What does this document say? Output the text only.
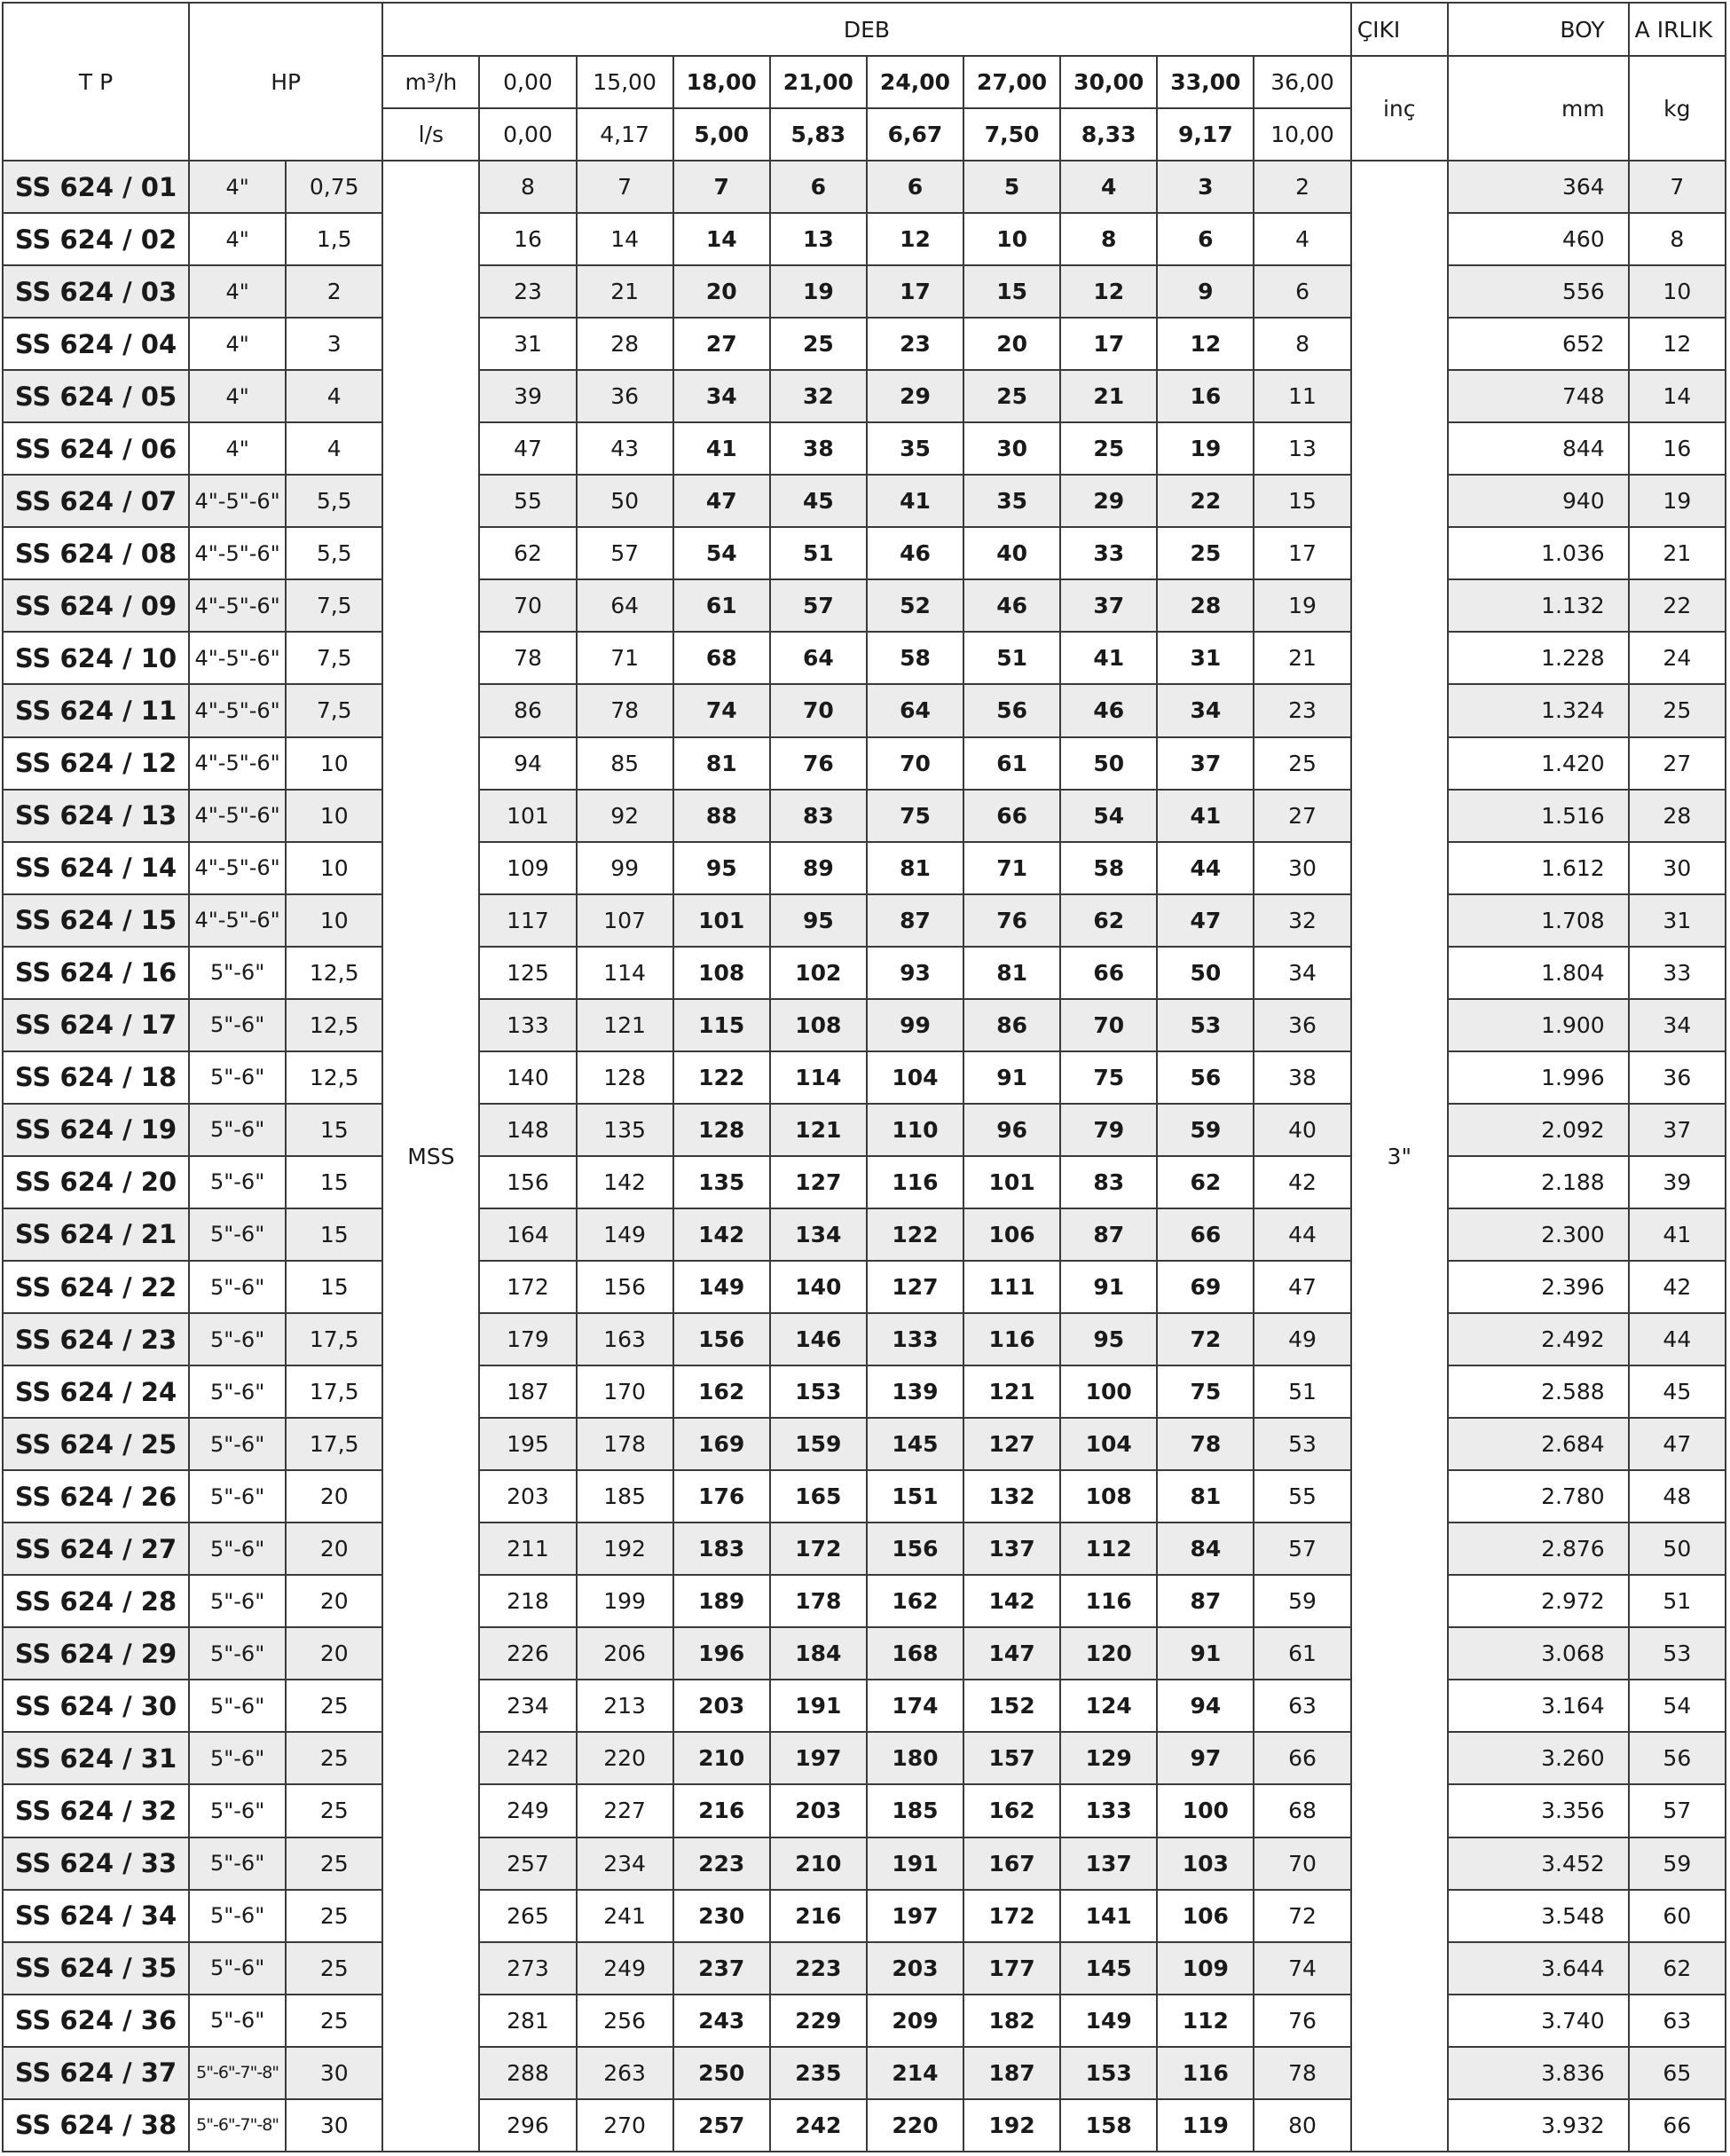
T P	HP		DEB										ÇIKI	BOY	A IRLIK
			m³/h	0,00	15,00	18,00	21,00	24,00	27,00	30,00	33,00	36,00	inç	mm	kg
			l/s	0,00	4,17	5,00	5,83	6,67	7,50	8,33	9,17	10,00			
SS 624 / 01	4"	0,75	MSS	8	7	7	6	6	5	4	3	2	3"	364	7
SS 624 / 02	4"	1,5		16	14	14	13	12	10	8	6	4		460	8
SS 624 / 03	4"	2		23	21	20	19	17	15	12	9	6		556	10
SS 624 / 04	4"	3		31	28	27	25	23	20	17	12	8		652	12
SS 624 / 05	4"	4		39	36	34	32	29	25	21	16	11		748	14
SS 624 / 06	4"	4		47	43	41	38	35	30	25	19	13		844	16
SS 624 / 07	4"-5"-6"	5,5		55	50	47	45	41	35	29	22	15		940	19
SS 624 / 08	4"-5"-6"	5,5		62	57	54	51	46	40	33	25	17		1.036	21
SS 624 / 09	4"-5"-6"	7,5		70	64	61	57	52	46	37	28	19		1.132	22
SS 624 / 10	4"-5"-6"	7,5		78	71	68	64	58	51	41	31	21		1.228	24
SS 624 / 11	4"-5"-6"	7,5		86	78	74	70	64	56	46	34	23		1.324	25
SS 624 / 12	4"-5"-6"	10		94	85	81	76	70	61	50	37	25		1.420	27
SS 624 / 13	4"-5"-6"	10		101	92	88	83	75	66	54	41	27		1.516	28
SS 624 / 14	4"-5"-6"	10		109	99	95	89	81	71	58	44	30		1.612	30
SS 624 / 15	4"-5"-6"	10		117	107	101	95	87	76	62	47	32		1.708	31
SS 624 / 16	5"-6"	12,5		125	114	108	102	93	81	66	50	34		1.804	33
SS 624 / 17	5"-6"	12,5		133	121	115	108	99	86	70	53	36		1.900	34
SS 624 / 18	5"-6"	12,5		140	128	122	114	104	91	75	56	38		1.996	36
SS 624 / 19	5"-6"	15		148	135	128	121	110	96	79	59	40		2.092	37
SS 624 / 20	5"-6"	15		156	142	135	127	116	101	83	62	42		2.188	39
SS 624 / 21	5"-6"	15		164	149	142	134	122	106	87	66	44		2.300	41
SS 624 / 22	5"-6"	15		172	156	149	140	127	111	91	69	47		2.396	42
SS 624 / 23	5"-6"	17,5		179	163	156	146	133	116	95	72	49		2.492	44
SS 624 / 24	5"-6"	17,5		187	170	162	153	139	121	100	75	51		2.588	45
SS 624 / 25	5"-6"	17,5		195	178	169	159	145	127	104	78	53		2.684	47
SS 624 / 26	5"-6"	20		203	185	176	165	151	132	108	81	55		2.780	48
SS 624 / 27	5"-6"	20		211	192	183	172	156	137	112	84	57		2.876	50
SS 624 / 28	5"-6"	20		218	199	189	178	162	142	116	87	59		2.972	51
SS 624 / 29	5"-6"	20		226	206	196	184	168	147	120	91	61		3.068	53
SS 624 / 30	5"-6"	25		234	213	203	191	174	152	124	94	63		3.164	54
SS 624 / 31	5"-6"	25		242	220	210	197	180	157	129	97	66		3.260	56
SS 624 / 32	5"-6"	25		249	227	216	203	185	162	133	100	68		3.356	57
SS 624 / 33	5"-6"	25		257	234	223	210	191	167	137	103	70		3.452	59
SS 624 / 34	5"-6"	25		265	241	230	216	197	172	141	106	72		3.548	60
SS 624 / 35	5"-6"	25		273	249	237	223	203	177	145	109	74		3.644	62
SS 624 / 36	5"-6"	25		281	256	243	229	209	182	149	112	76		3.740	63
SS 624 / 37	5"-6"-7"-8"	30		288	263	250	235	214	187	153	116	78		3.836	65
SS 624 / 38	5"-6"-7"-8"	30		296	270	257	242	220	192	158	119	80		3.932	66
